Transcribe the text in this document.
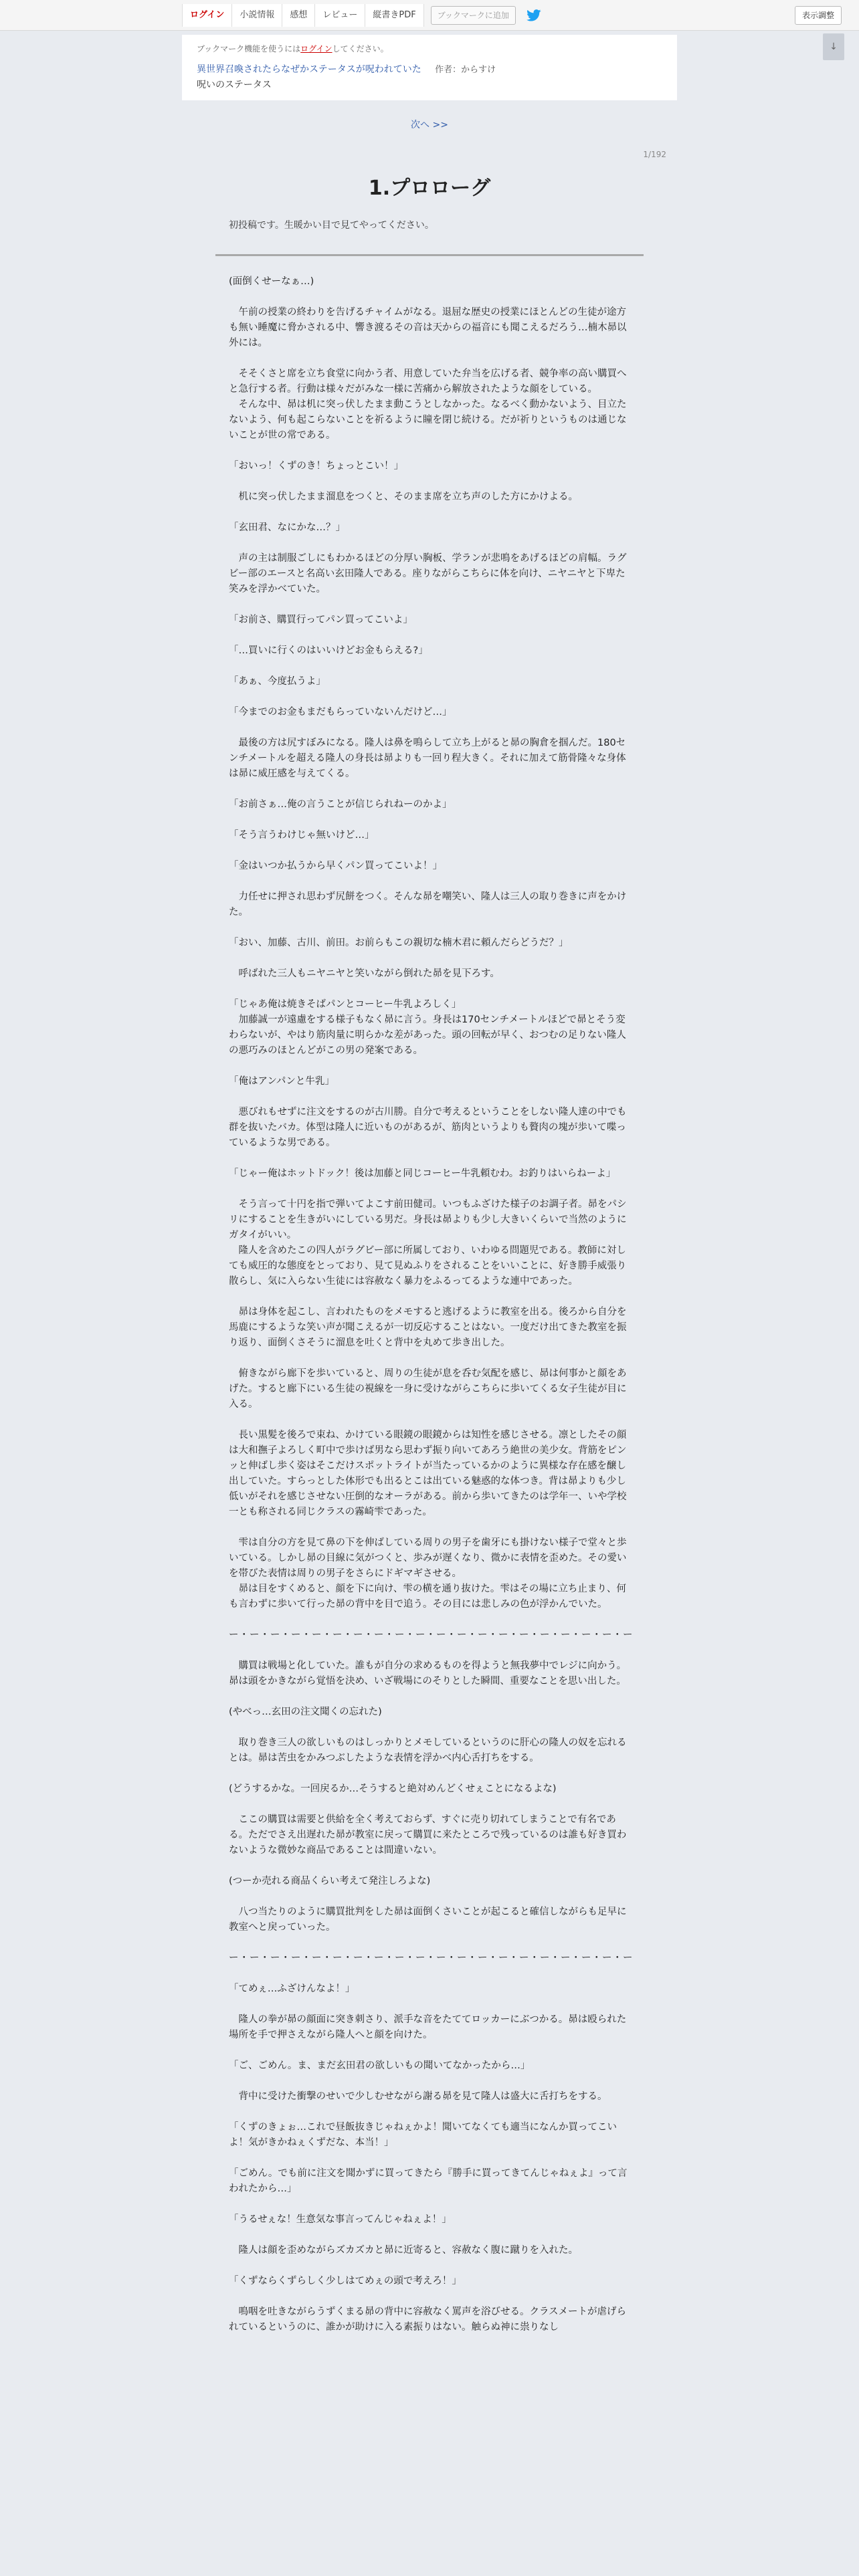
ログイン	小説情報	感想	レビュー	縦書きPDF	ブックマークに追加	表示調整
↓
ブックマーク機能を使うにはログインしてください。
異世界召喚されたらなぜかステータスが呪われていた 作者：からすけ
呪いのステータス
次へ >>
1/192
1.プロローグ
初投稿です。生暖かい目で見てやってください。

(面倒くせーなぁ…)

午前の授業の終わりを告げるチャイムがなる。退屈な歴史の授業にほとんどの生徒が途方も無い睡魔に脅かされる中、響き渡るその音は天からの福音にも聞こえるだろう…楠木昴以外には。

そそくさと席を立ち食堂に向かう者、用意していた弁当を広げる者、競争率の高い購買へと急行する者。行動は様々だがみな一様に苦痛から解放されたような顔をしている。

そんな中、昴は机に突っ伏したまま動こうとしなかった。なるべく動かないよう、目立たないよう、何も起こらないことを祈るように瞳を閉じ続ける。だが祈りというものは通じないことが世の常である。

「おいっ！くずのき！ちょっとこい！」

机に突っ伏したまま溜息をつくと、そのまま席を立ち声のした方にかけよる。

「玄田君、なにかな…？」

声の主は制服ごしにもわかるほどの分厚い胸板、学ランが悲鳴をあげるほどの肩幅。ラグビー部のエースと名高い玄田隆人である。座りながらこちらに体を向け、ニヤニヤと下卑た笑みを浮かべていた。

「お前さ、購買行ってパン買ってこいよ」

「…買いに行くのはいいけどお金もらえる?」

「あぁ、今度払うよ」

「今までのお金もまだもらっていないんだけど…」

最後の方は尻すぼみになる。隆人は鼻を鳴らして立ち上がると昴の胸倉を掴んだ。180センチメートルを超える隆人の身長は昴よりも一回り程大きく。それに加えて筋骨隆々な身体は昴に威圧感を与えてくる。

「お前さぁ…俺の言うことが信じられねーのかよ」

「そう言うわけじゃ無いけど…」

「金はいつか払うから早くパン買ってこいよ！」

力任せに押され思わず尻餅をつく。そんな昴を嘲笑い、隆人は三人の取り巻きに声をかけた。

「おい、加藤、古川、前田。お前らもこの親切な楠木君に頼んだらどうだ？」

呼ばれた三人もニヤニヤと笑いながら倒れた昴を見下ろす。

「じゃあ俺は焼きそばパンとコーヒー牛乳よろしく」

加藤誠一が遠慮をする様子もなく昴に言う。身長は170センチメートルほどで昴とそう変わらないが、やはり筋肉量に明らかな差があった。頭の回転が早く、おつむの足りない隆人の悪巧みのほとんどがこの男の発案である。

「俺はアンパンと牛乳」

悪びれもせずに注文をするのが古川勝。自分で考えるということをしない隆人達の中でも群を抜いたバカ。体型は隆人に近いものがあるが、筋肉というよりも贅肉の塊が歩いて喋っているような男である。

「じゃー俺はホットドック！後は加藤と同じコーヒー牛乳頼むわ。お釣りはいらねーよ」

そう言って十円を指で弾いてよこす前田健司。いつもふざけた様子のお調子者。昴をパシリにすることを生きがいにしている男だ。身長は昴よりも少し大きいくらいで当然のようにガタイがいい。

隆人を含めたこの四人がラグビー部に所属しており、いわゆる問題児である。教師に対しても威圧的な態度をとっており、見て見ぬふりをされることをいいことに、好き勝手威張り散らし、気に入らない生徒には容赦なく暴力をふるってるような連中であった。

昴は身体を起こし、言われたものをメモすると逃げるように教室を出る。後ろから自分を馬鹿にするような笑い声が聞こえるが一切反応することはない。一度だけ出てきた教室を振り返り、面倒くさそうに溜息を吐くと背中を丸めて歩き出した。

俯きながら廊下を歩いていると、周りの生徒が息を呑む気配を感じ、昴は何事かと顔をあげた。すると廊下にいる生徒の視線を一身に受けながらこちらに歩いてくる女子生徒が目に入る。

長い黒髪を後ろで束ね、かけている眼鏡の眼鏡からは知性を感じさせる。凛としたその顔は大和撫子よろしく町中で歩けば男なら思わず振り向いてあろう絶世の美少女。背筋をピンッと伸ばし歩く姿はそこだけスポットライトが当たっているかのように異様な存在感を醸し出していた。すらっとした体形でも出るとこは出ている魅惑的な体つき。背は昴よりも少し低いがそれを感じさせない圧倒的なオーラがある。前から歩いてきたのは学年一、いや学校一とも称される同じクラスの霧崎雫であった。

雫は自分の方を見て鼻の下を伸ばしている周りの男子を歯牙にも掛けない様子で堂々と歩いている。しかし昴の目線に気がつくと、歩みが遅くなり、微かに表情を歪めた。その愛いを帯びた表情は周りの男子をさらにドギマギさせる。

昴は目をすくめると、顔を下に向け、雫の横を通り抜けた。雫はその場に立ち止まり、何も言わずに歩いて行った昴の背中を目で追う。その目には悲しみの色が浮かんでいた。

ー・ー・ー・ー・ー・ー・ー・ー・ー・ー・ー・ー・ー・ー・ー・ー・ー・ー・ー・ー

購買は戦場と化していた。誰もが自分の求めるものを得ようと無我夢中でレジに向かう。昴は頭をかきながら覚悟を決め、いざ戦場にのそりとした瞬間、重要なことを思い出した。

(やべっ…玄田の注文聞くの忘れた)

取り巻き三人の欲しいものはしっかりとメモしているというのに肝心の隆人の奴を忘れるとは。昴は苦虫をかみつぶしたような表情を浮かべ内心舌打ちをする。

(どうするかな。一回戻るか…そうすると絶対めんどくせぇことになるよな)

ここの購買は需要と供給を全く考えておらず、すぐに売り切れてしまうことで有名である。ただでさえ出遅れた昴が教室に戻って購買に来たところで残っているのは誰も好き買わないような微妙な商品であることは間違いない。

(つーか売れる商品くらい考えて発注しろよな)

八つ当たりのように購買批判をした昴は面倒くさいことが起こると確信しながらも足早に教室へと戻っていった。

ー・ー・ー・ー・ー・ー・ー・ー・ー・ー・ー・ー・ー・ー・ー・ー・ー・ー・ー・ー

「てめぇ…ふざけんなよ！」

隆人の拳が昴の顔面に突き刺さり、派手な音をたててロッカーにぶつかる。昴は殴られた場所を手で押さえながら隆人へと顔を向けた。

「ご、ごめん。ま、まだ玄田君の欲しいもの聞いてなかったから…」

背中に受けた衝撃のせいで少しむせながら謝る昴を見て隆人は盛大に舌打ちをする。

「くずのきょぉ…これで昼飯抜きじゃねぇかよ！聞いてなくても適当になんか買ってこいよ！気がきかねぇくずだな、本当！」

「ごめん。でも前に注文を聞かずに買ってきたら『勝手に買ってきてんじゃねぇよ』って言われたから…」

「うるせぇな！生意気な事言ってんじゃねぇよ！」

隆人は顔を歪めながらズカズカと昴に近寄ると、容赦なく腹に蹴りを入れた。

「くずならくずらしく少しはてめぇの頭で考えろ！」

鳴咽を吐きながらうずくまる昴の背中に容赦なく罵声を浴びせる。クラスメートが虐げられているというのに、誰かが助けに入る素振りはない。触らぬ神に祟りなし
